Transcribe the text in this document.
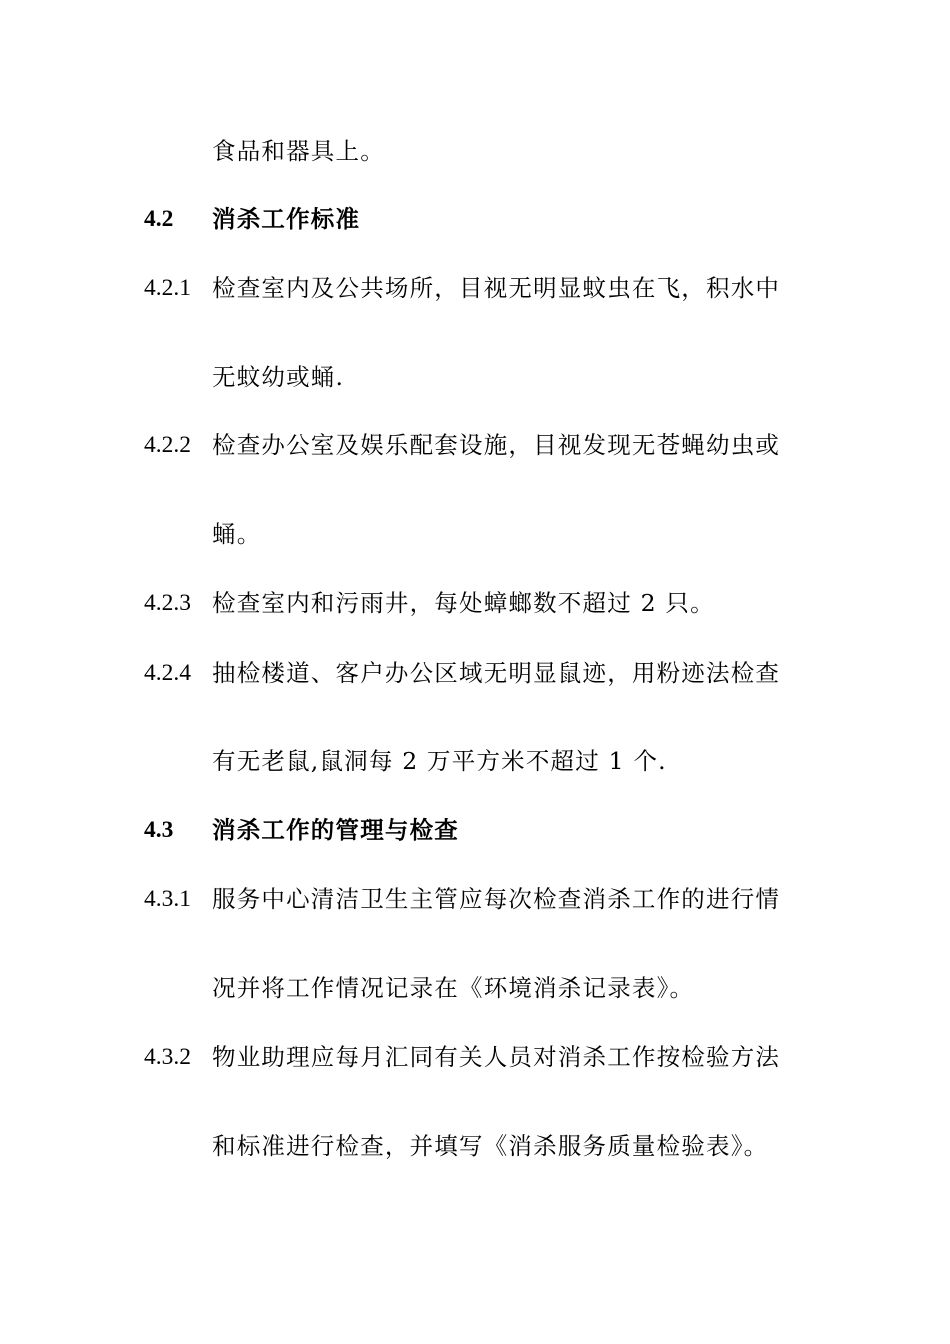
食品和器具上。
4.2 消杀工作标准
4.2.1 检查室内及公共场所，目视无明显蚊虫在飞，积水中
无蚊幼或蛹.
4.2.2 检查办公室及娱乐配套设施，目视发现无苍蝇幼虫或
蛹。
4.2.3 检查室内和污雨井，每处蟑螂数不超过 2 只。
4.2.4 抽检楼道、客户办公区域无明显鼠迹，用粉迹法检查
有无老鼠,鼠洞每 2 万平方米不超过 1 个.
4.3 消杀工作的管理与检查
4.3.1 服务中心清洁卫生主管应每次检查消杀工作的进行情
况并将工作情况记录在《环境消杀记录表》。
4.3.2 物业助理应每月汇同有关人员对消杀工作按检验方法
和标准进行检查，并填写《消杀服务质量检验表》。
